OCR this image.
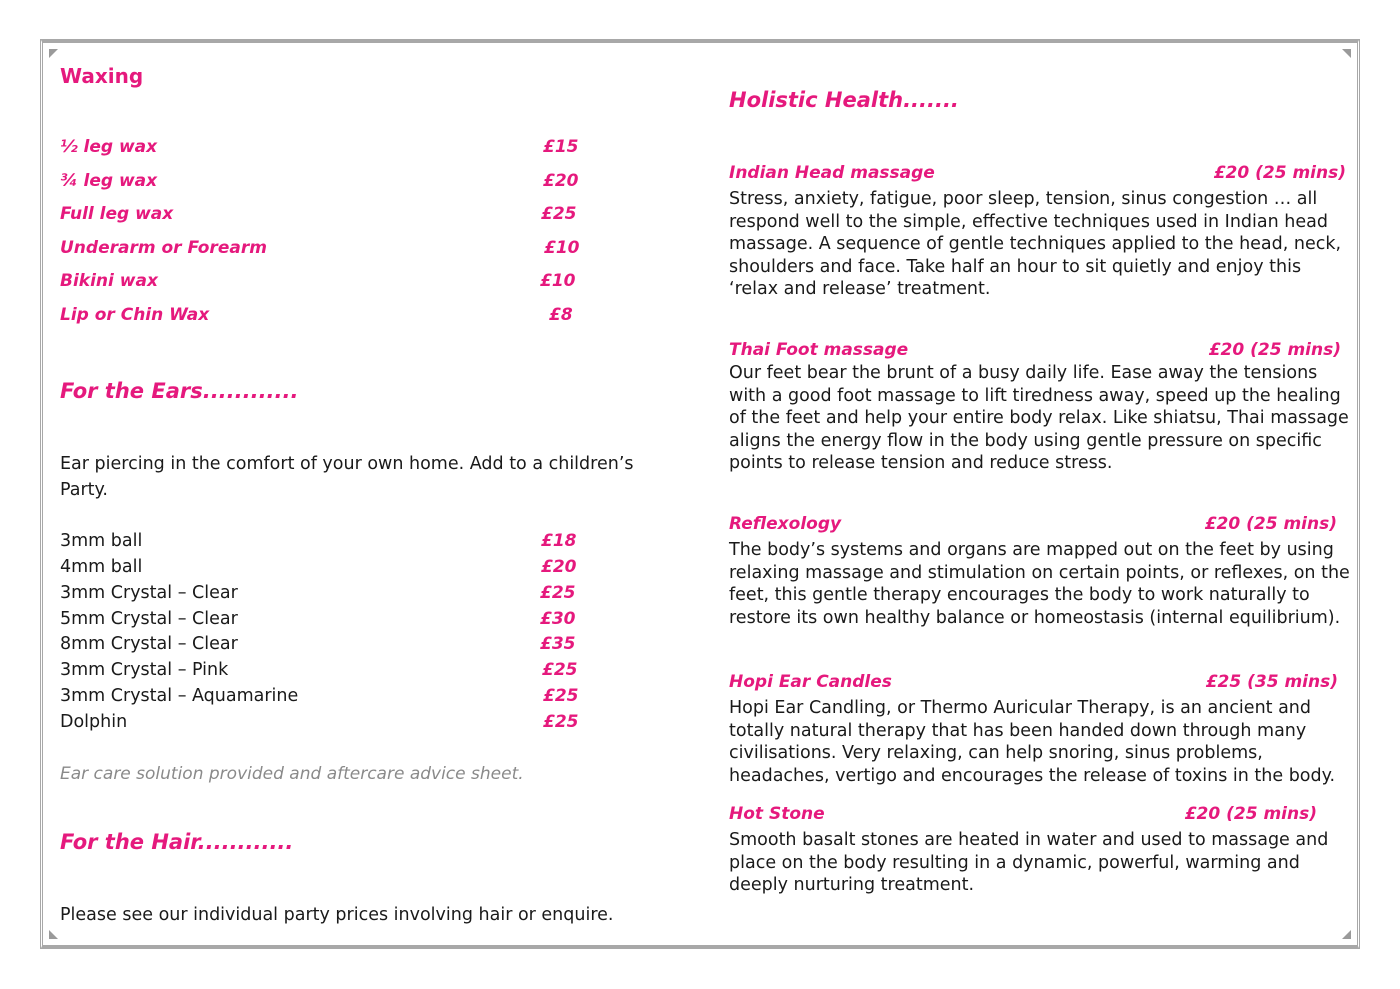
Waxing
½ leg wax	£15
¾ leg wax	£20
Full leg wax	£25
Underarm or Forearm	£10
Bikini wax	£10
Lip or Chin Wax	£8
For the Ears............
Ear piercing in the comfort of your own home. Add to a children’s
Party.
3mm ball	£18
4mm ball	£20
3mm Crystal – Clear	£25
5mm Crystal – Clear	£30
8mm Crystal – Clear	£35
3mm Crystal – Pink	£25
3mm Crystal – Aquamarine	£25
Dolphin	£25
Ear care solution provided and aftercare advice sheet.
For the Hair............
Please see our individual party prices involving hair or enquire.
Holistic Health.......
Indian Head massage	£20 (25 mins)
Stress, anxiety, fatigue, poor sleep, tension, sinus congestion … all respond well to the simple, effective techniques used in Indian head massage. A sequence of gentle techniques applied to the head, neck, shoulders and face. Take half an hour to sit quietly and enjoy this ‘relax and release’ treatment.
Thai Foot massage	£20 (25 mins)
Our feet bear the brunt of a busy daily life. Ease away the tensions with a good foot massage to lift tiredness away, speed up the healing of the feet and help your entire body relax. Like shiatsu, Thai massage aligns the energy flow in the body using gentle pressure on specific points to release tension and reduce stress.
Reflexology	£20 (25 mins)
The body’s systems and organs are mapped out on the feet by using relaxing massage and stimulation on certain points, or reflexes, on the feet, this gentle therapy encourages the body to work naturally to restore its own healthy balance or homeostasis (internal equilibrium).
Hopi Ear Candles	£25 (35 mins)
Hopi Ear Candling, or Thermo Auricular Therapy, is an ancient and totally natural therapy that has been handed down through many civilisations. Very relaxing, can help snoring, sinus problems, headaches, vertigo and encourages the release of toxins in the body.
Hot Stone	£20 (25 mins)
Smooth basalt stones are heated in water and used to massage and place on the body resulting in a dynamic, powerful, warming and deeply nurturing treatment.
